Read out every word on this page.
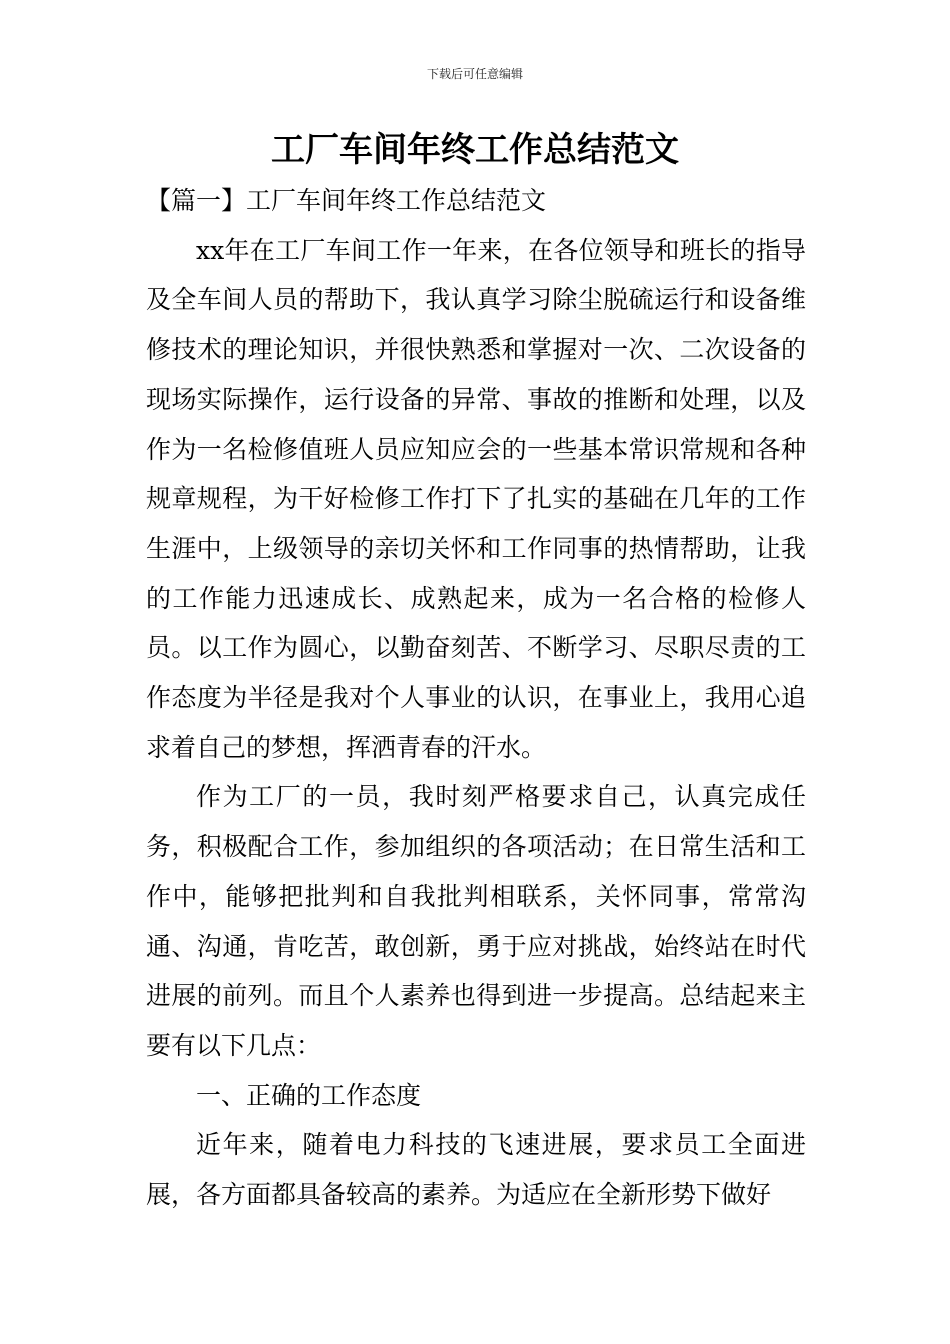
下载后可任意编辑
工厂车间年终工作总结范文

【篇一】工厂车间年终工作总结范文

xx年在工厂车间工作一年来，在各位领导和班长的指导及全车间人员的帮助下，我认真学习除尘脱硫运行和设备维修技术的理论知识，并很快熟悉和掌握对一次、二次设备的现场实际操作，运行设备的异常、事故的推断和处理，以及作为一名检修值班人员应知应会的一些基本常识常规和各种规章规程，为干好检修工作打下了扎实的基础在几年的工作生涯中，上级领导的亲切关怀和工作同事的热情帮助，让我的工作能力迅速成长、成熟起来，成为一名合格的检修人员。以工作为圆心，以勤奋刻苦、不断学习、尽职尽责的工作态度为半径是我对个人事业的认识，在事业上，我用心追求着自己的梦想，挥洒青春的汗水。

作为工厂的一员，我时刻严格要求自己，认真完成任务，积极配合工作，参加组织的各项活动；在日常生活和工作中，能够把批判和自我批判相联系，关怀同事，常常沟通、沟通，肯吃苦，敢创新，勇于应对挑战，始终站在时代进展的前列。而且个人素养也得到进一步提高。总结起来主要有以下几点：

一、正确的工作态度

近年来，随着电力科技的飞速进展，要求员工全面进展，各方面都具备较高的素养。为适应在全新形势下做好
